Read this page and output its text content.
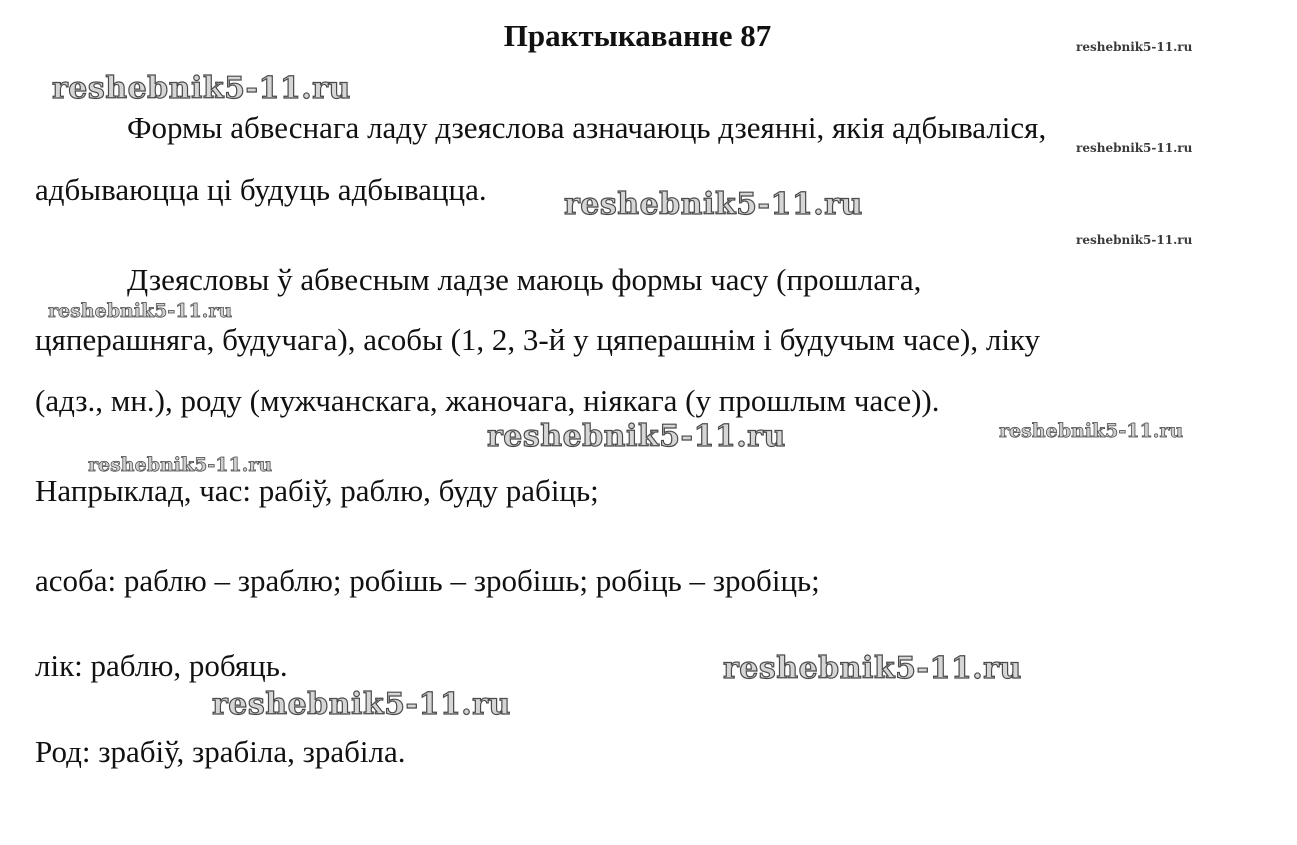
Практыкаванне 87
Формы абвеснага ладу дзеяслова азначаюць дзеянні, якія адбываліся,
адбываюцца ці будуць адбывацца.
Дзеясловы ў абвесным ладзе маюць формы часу (прошлага,
цяперашняга, будучага), асобы (1, 2, 3-й у цяперашнім і будучым часе), ліку
(адз., мн.), роду (мужчанскага, жаночага, ніякага (у прошлым часе)).
Напрыклад, час: рабіў, раблю, буду рабіць;
асоба: раблю – зраблю; робішь – зробішь; робіць – зробіць;
лік: раблю, робяць.
Род: зрабіў, зрабіла, зрабіла.
reshebnik5-11.ru
reshebnik5-11.ru
reshebnik5-11.ru
reshebnik5-11.ru
reshebnik5-11.ru
reshebnik5-11.ru
reshebnik5-11.ru	reshebnik5-11.ru
reshebnik5-11.ru
reshebnik5-11.ru
reshebnik5-11.ru
